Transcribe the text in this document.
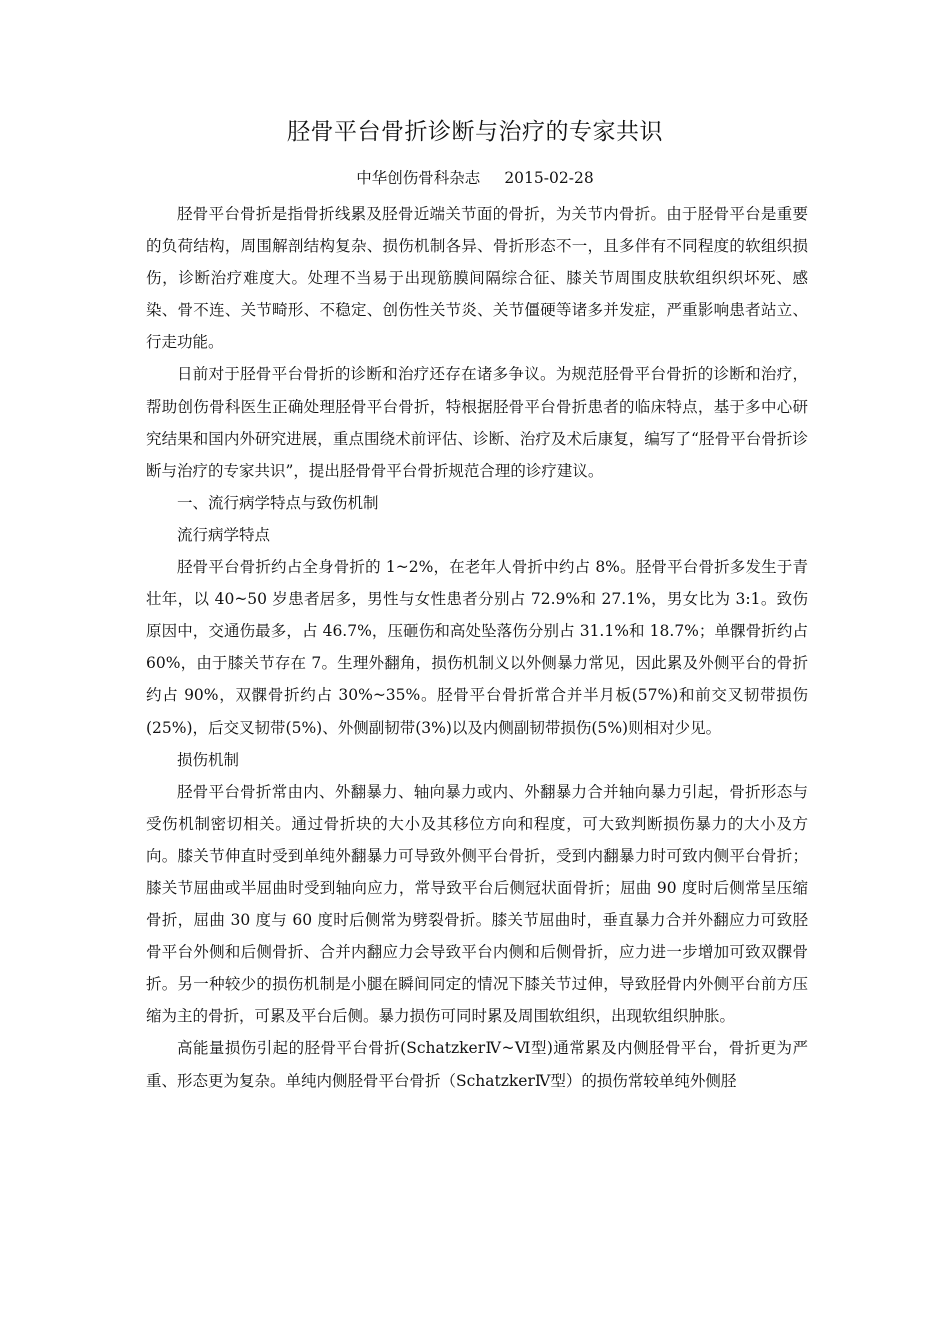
胫骨平台骨折诊断与治疗的专家共识
中华创伤骨科杂志 2015-02-28

胫骨平台骨折是指骨折线累及胫骨近端关节面的骨折，为关节内骨折。由于胫骨平台是重要的负荷结构，周围解剖结构复杂、损伤机制各异、骨折形态不一，且多伴有不同程度的软组织损伤，诊断治疗难度大。处理不当易于出现筋膜间隔综合征、膝关节周围皮肤软组织织坏死、感染、骨不连、关节畸形、不稳定、创伤性关节炎、关节僵硬等诸多并发症，严重影响患者站立、行走功能。

日前对于胫骨平台骨折的诊断和治疗还存在诸多争议。为规范胫骨平台骨折的诊断和治疗，帮助创伤骨科医生正确处理胫骨平台骨折，特根据胫骨平台骨折患者的临床特点，基于多中心研究结果和国内外研究进展，重点围绕术前评估、诊断、治疗及术后康复，编写了“胫骨平台骨折诊断与治疗的专家共识”，提出胫骨骨平台骨折规范合理的诊疗建议。

一、流行病学特点与致伤机制
流行病学特点

胫骨平台骨折约占全身骨折的 1~2%，在老年人骨折中约占 8%。胫骨平台骨折多发生于青壮年，以 40~50 岁患者居多，男性与女性患者分别占 72.9%和 27.1%，男女比为 3:1。致伤原因中，交通伤最多，占 46.7%，压砸伤和高处坠落伤分别占 31.1%和 18.7%；单髁骨折约占 60%，由于膝关节存在 7。生理外翻角，损伤机制义以外侧暴力常见，因此累及外侧平台的骨折约占 90%，双髁骨折约占 30%~35%。胫骨平台骨折常合并半月板(57%)和前交叉韧带损伤(25%)，后交叉韧带(5%)、外侧副韧带(3%)以及内侧副韧带损伤(5%)则相对少见。

损伤机制

胫骨平台骨折常由内、外翻暴力、轴向暴力或内、外翻暴力合并轴向暴力引起，骨折形态与受伤机制密切相关。通过骨折块的大小及其移位方向和程度，可大致判断损伤暴力的大小及方向。膝关节伸直时受到单纯外翻暴力可导致外侧平台骨折，受到内翻暴力时可致内侧平台骨折；膝关节屈曲或半屈曲时受到轴向应力，常导致平台后侧冠状面骨折；屈曲 90 度时后侧常呈压缩骨折，屈曲 30 度与 60 度时后侧常为劈裂骨折。膝关节屈曲时，垂直暴力合并外翻应力可致胫骨平台外侧和后侧骨折、合并内翻应力会导致平台内侧和后侧骨折，应力进一步增加可致双髁骨折。另一种较少的损伤机制是小腿在瞬间同定的情况下膝关节过伸，导致胫骨内外侧平台前方压缩为主的骨折，可累及平台后侧。暴力损伤可同时累及周围软组织，出现软组织肿胀。

高能量损伤引起的胫骨平台骨折(SchatzkerⅣ~Ⅵ型)通常累及内侧胫骨平台，骨折更为严重、形态更为复杂。单纯内侧胫骨平台骨折（SchatzkerⅣ型）的损伤常较单纯外侧胫
